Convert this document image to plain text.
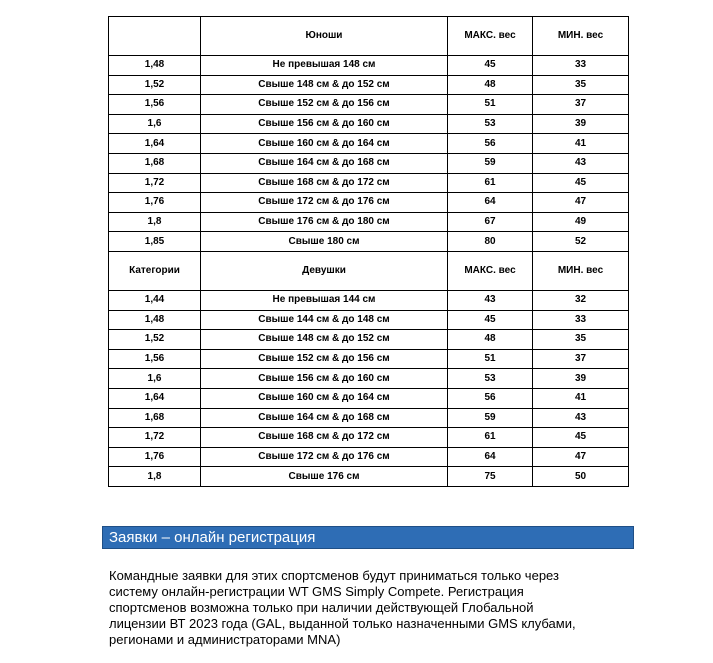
	Юноши	МАКС. вес	МИН. вес
1,48	Не превышая 148 см	45	33
1,52	Свыше 148 см & до 152 см	48	35
1,56	Свыше 152 см & до 156 см	51	37
1,6	Свыше 156 см & до 160 см	53	39
1,64	Свыше 160 см & до 164 см	56	41
1,68	Свыше 164 см & до 168 см	59	43
1,72	Свыше 168 см & до 172 см	61	45
1,76	Свыше 172 см & до 176 см	64	47
1,8	Свыше 176 см & до 180 см	67	49
1,85	Свыше 180 см	80	52
Категории	Девушки	МАКС. вес	МИН. вес
1,44	Не превышая 144 см	43	32
1,48	Свыше 144 см & до 148 см	45	33
1,52	Свыше 148 см & до 152 см	48	35
1,56	Свыше 152 см & до 156 см	51	37
1,6	Свыше 156 см & до 160 см	53	39
1,64	Свыше 160 см & до 164 см	56	41
1,68	Свыше 164 см & до 168 см	59	43
1,72	Свыше 168 см & до 172 см	61	45
1,76	Свыше 172 см & до 176 см	64	47
1,8	Свыше 176 см	75	50
Заявки – онлайн регистрация
Командные заявки для этих спортсменов будут приниматься только через
систему онлайн-регистрации WT GMS Simply Compete. Регистрация
спортсменов возможна только при наличии действующей Глобальной
лицензии ВТ 2023 года (GAL, выданной только назначенными GMS клубами,
регионами и администраторами MNA)
